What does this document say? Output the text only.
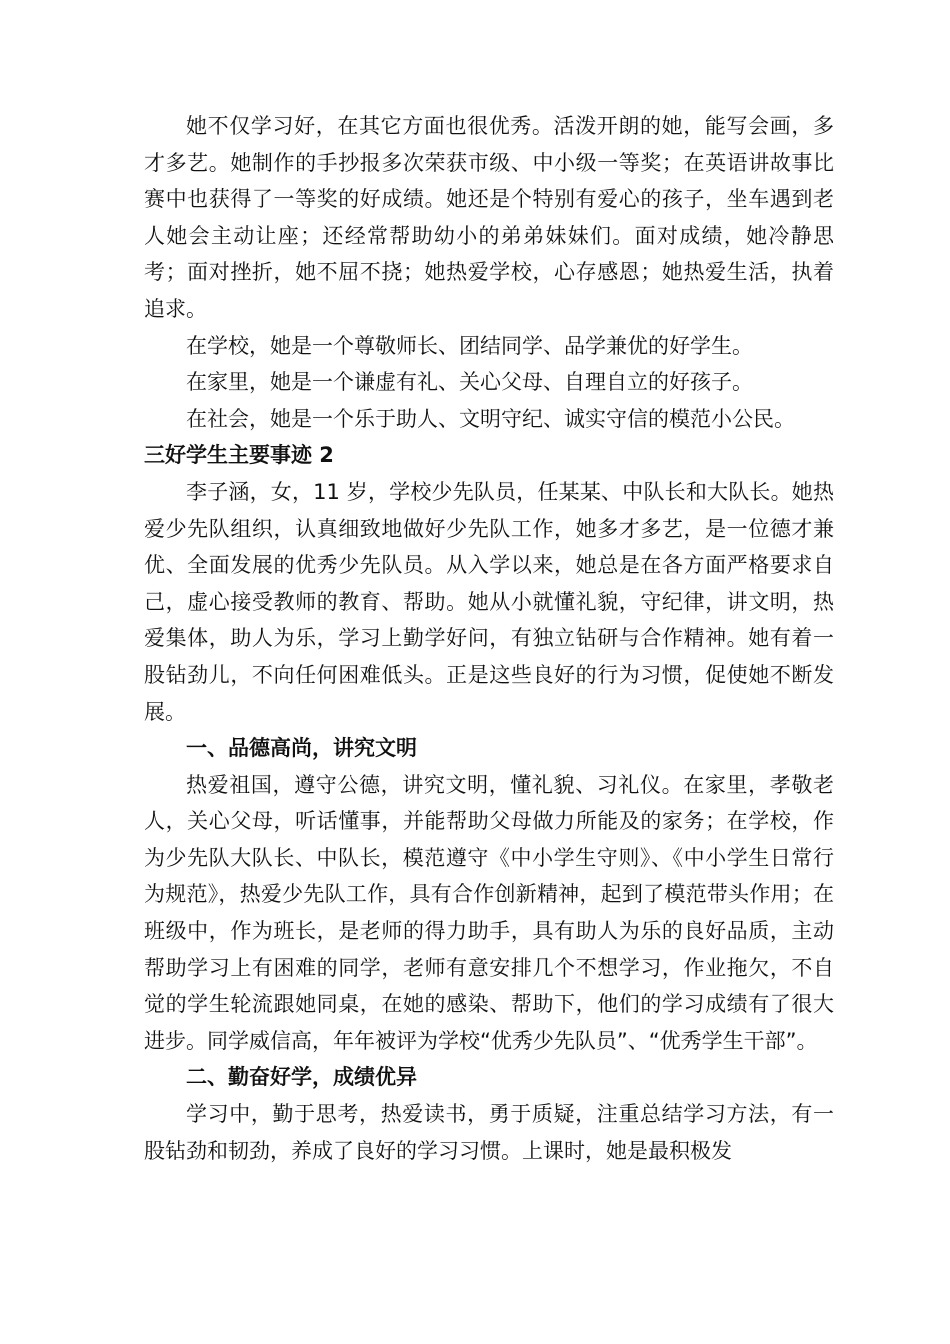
她不仅学习好，在其它方面也很优秀。活泼开朗的她，能写会画，多才多艺。她制作的手抄报多次荣获市级、中小级一等奖；在英语讲故事比赛中也获得了一等奖的好成绩。她还是个特别有爱心的孩子，坐车遇到老人她会主动让座；还经常帮助幼小的弟弟妹妹们。面对成绩，她冷静思考；面对挫折，她不屈不挠；她热爱学校，心存感恩；她热爱生活，执着追求。

在学校，她是一个尊敬师长、团结同学、品学兼优的好学生。

在家里，她是一个谦虚有礼、关心父母、自理自立的好孩子。

在社会，她是一个乐于助人、文明守纪、诚实守信的模范小公民。

三好学生主要事迹 2

李子涵，女，11 岁，学校少先队员，任某某、中队长和大队长。她热爱少先队组织，认真细致地做好少先队工作，她多才多艺，是一位德才兼优、全面发展的优秀少先队员。从入学以来，她总是在各方面严格要求自己，虚心接受教师的教育、帮助。她从小就懂礼貌，守纪律，讲文明，热爱集体，助人为乐，学习上勤学好问，有独立钻研与合作精神。她有着一股钻劲儿，不向任何困难低头。正是这些良好的行为习惯，促使她不断发展。

一、品德高尚，讲究文明

热爱祖国，遵守公德，讲究文明，懂礼貌、习礼仪。在家里，孝敬老人，关心父母，听话懂事，并能帮助父母做力所能及的家务；在学校，作为少先队大队长、中队长，模范遵守《中小学生守则》、《中小学生日常行为规范》，热爱少先队工作，具有合作创新精神，起到了模范带头作用；在班级中，作为班长，是老师的得力助手，具有助人为乐的良好品质，主动帮助学习上有困难的同学，老师有意安排几个不想学习，作业拖欠，不自觉的学生轮流跟她同桌，在她的感染、帮助下，他们的学习成绩有了很大进步。同学威信高，年年被评为学校“优秀少先队员”、“优秀学生干部”。

二、勤奋好学，成绩优异

学习中，勤于思考，热爱读书，勇于质疑，注重总结学习方法，有一股钻劲和韧劲，养成了良好的学习习惯。上课时，她是最积极发
